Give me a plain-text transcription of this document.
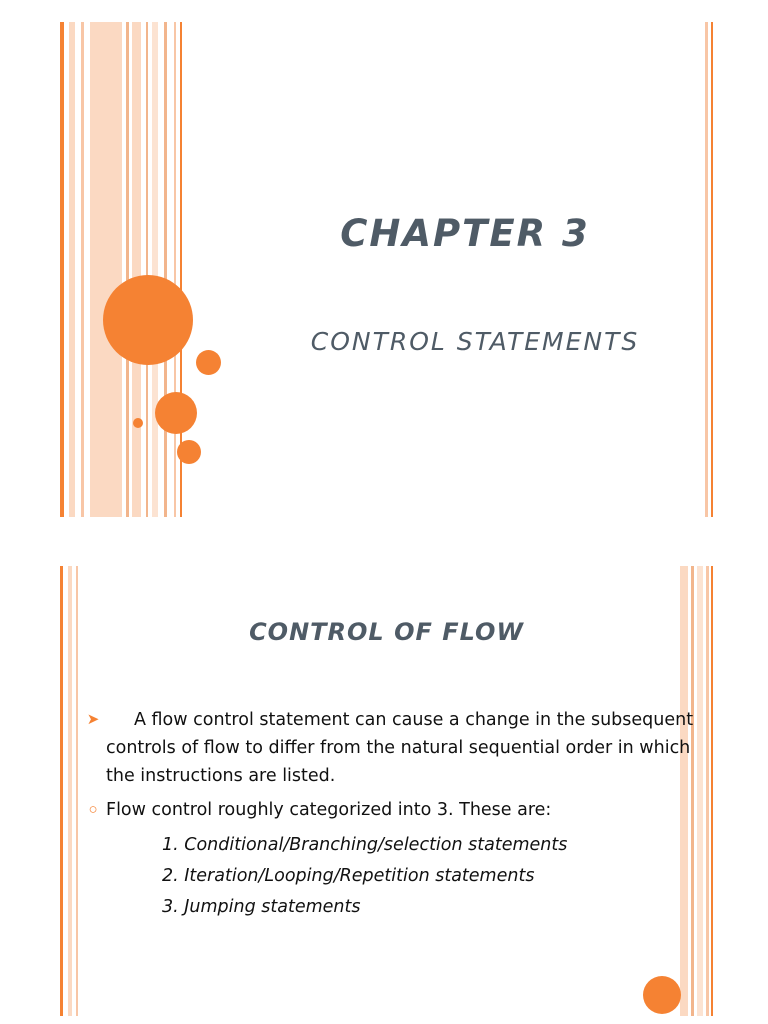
CHAPTER 3
CONTROL STATEMENTS
CONTROL OF FLOW
➤	A flow control statement can cause a change in the subsequent controls of flow to differ from the natural sequential order in which the instructions are listed.
○ Flow control roughly categorized into 3. These are:
1. Conditional/Branching/selection statements
2. Iteration/Looping/Repetition statements
3. Jumping statements
